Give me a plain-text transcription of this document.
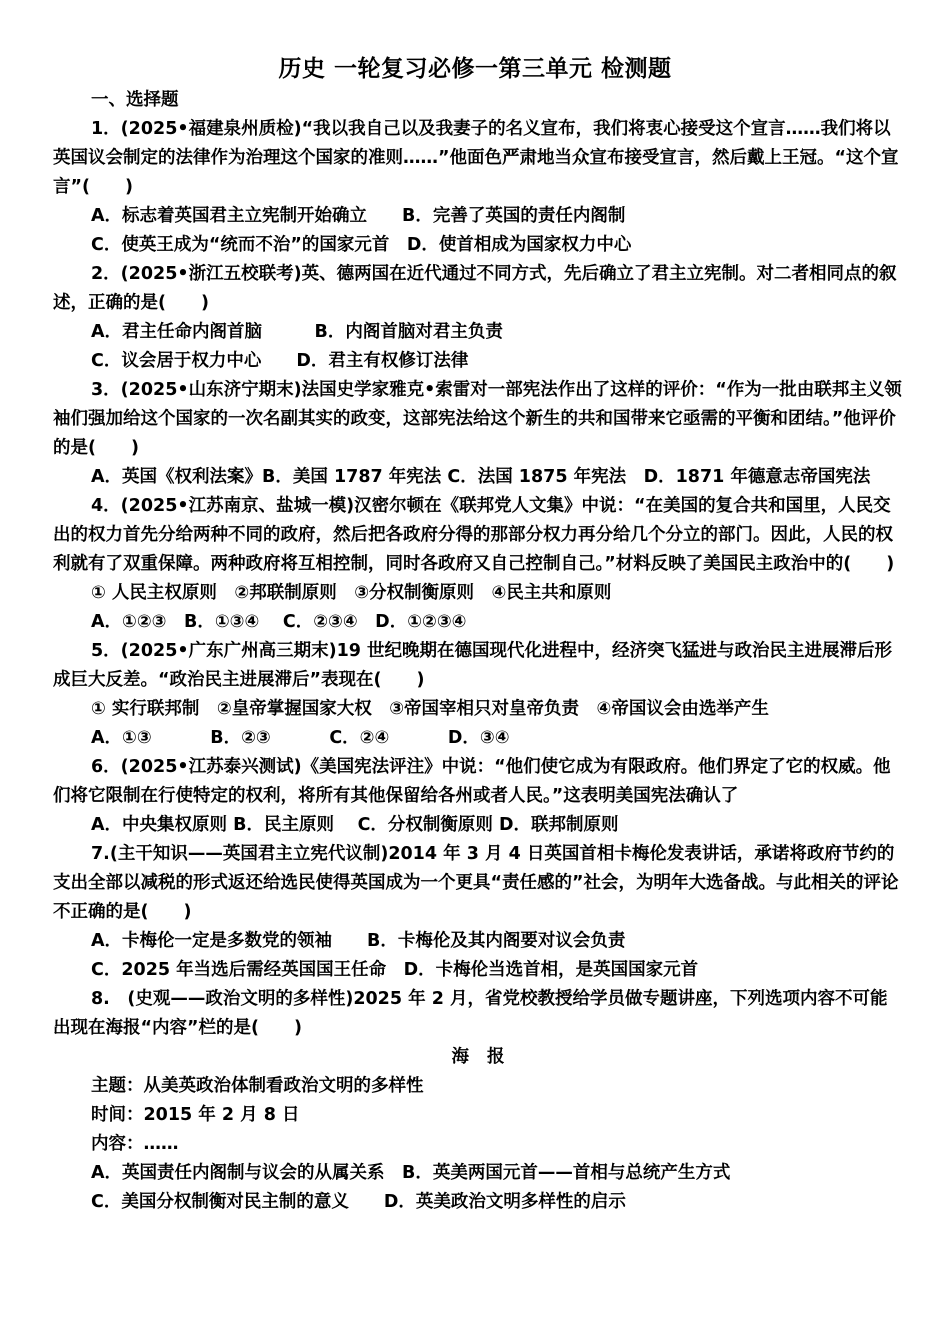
历史 一轮复习必修一第三单元 检测题

一、选择题

1．(2025•福建泉州质检)“我以我自己以及我妻子的名义宣布，我们将衷心接受这个宣言……我们将以英国议会制定的法律作为治理这个国家的准则……”他面色严肃地当众宣布接受宣言，然后戴上王冠。“这个宣言”(　　)

A．标志着英国君主立宪制开始确立　　B．完善了英国的责任内阁制

C．使英王成为“统而不治”的国家元首　D．使首相成为国家权力中心

2．(2025•浙江五校联考)英、德两国在近代通过不同方式，先后确立了君主立宪制。对二者相同点的叙述，正确的是(　　)

A．君主任命内阁首脑　　　B．内阁首脑对君主负责

C．议会居于权力中心　　D．君主有权修订法律

3．(2025•山东济宁期末)法国史学家雅克•索雷对一部宪法作出了这样的评价：“作为一批由联邦主义领袖们强加给这个国家的一次名副其实的政变，这部宪法给这个新生的共和国带来它亟需的平衡和团结。”他评价的是(　　)

A．英国《权利法案》B．美国 1787 年宪法 C．法国 1875 年宪法　D．1871 年德意志帝国宪法

4．(2025•江苏南京、盐城一模)汉密尔顿在《联邦党人文集》中说：“在美国的复合共和国里，人民交出的权力首先分给两种不同的政府，然后把各政府分得的那部分权力再分给几个分立的部门。因此，人民的权利就有了双重保障。两种政府将互相控制，同时各政府又自己控制自己。”材料反映了美国民主政治中的(　　)

① 人民主权原则　②邦联制原则　③分权制衡原则　④民主共和原则

A．①②③　B．①③④　 C．②③④　D．①②③④

5．(2025•广东广州高三期末)19 世纪晚期在德国现代化进程中，经济突飞猛进与政治民主进展滞后形成巨大反差。“政治民主进展滞后”表现在(　　)

① 实行联邦制　②皇帝掌握国家大权　③帝国宰相只对皇帝负责　④帝国议会由选举产生

A．①③　　　 B．②③　　　 C．②④　　　 D．③④

6．(2025•江苏泰兴测试)《美国宪法评注》中说：“他们使它成为有限政府。他们界定了它的权威。他们将它限制在行使特定的权利，将所有其他保留给各州或者人民。”这表明美国宪法确认了

A．中央集权原则 B．民主原则　 C．分权制衡原则 D．联邦制原则

7.(主干知识——英国君主立宪代议制)2014 年 3 月 4 日英国首相卡梅伦发表讲话，承诺将政府节约的支出全部以减税的形式返还给选民使得英国成为一个更具“责任感的”社会，为明年大选备战。与此相关的评论不正确的是(　　)

A．卡梅伦一定是多数党的领袖　　B．卡梅伦及其内阁要对议会负责

C．2025 年当选后需经英国国王任命　D．卡梅伦当选首相，是英国国家元首

8.　(史观——政治文明的多样性)2025 年 2 月，省党校教授给学员做专题讲座，下列选项内容不可能出现在海报“内容”栏的是(　　)

海报

主题：从美英政治体制看政治文明的多样性

时间：2015 年 2 月 8 日

内容：……

A．英国责任内阁制与议会的从属关系　B．英美两国元首——首相与总统产生方式

C．美国分权制衡对民主制的意义　　D．英美政治文明多样性的启示
